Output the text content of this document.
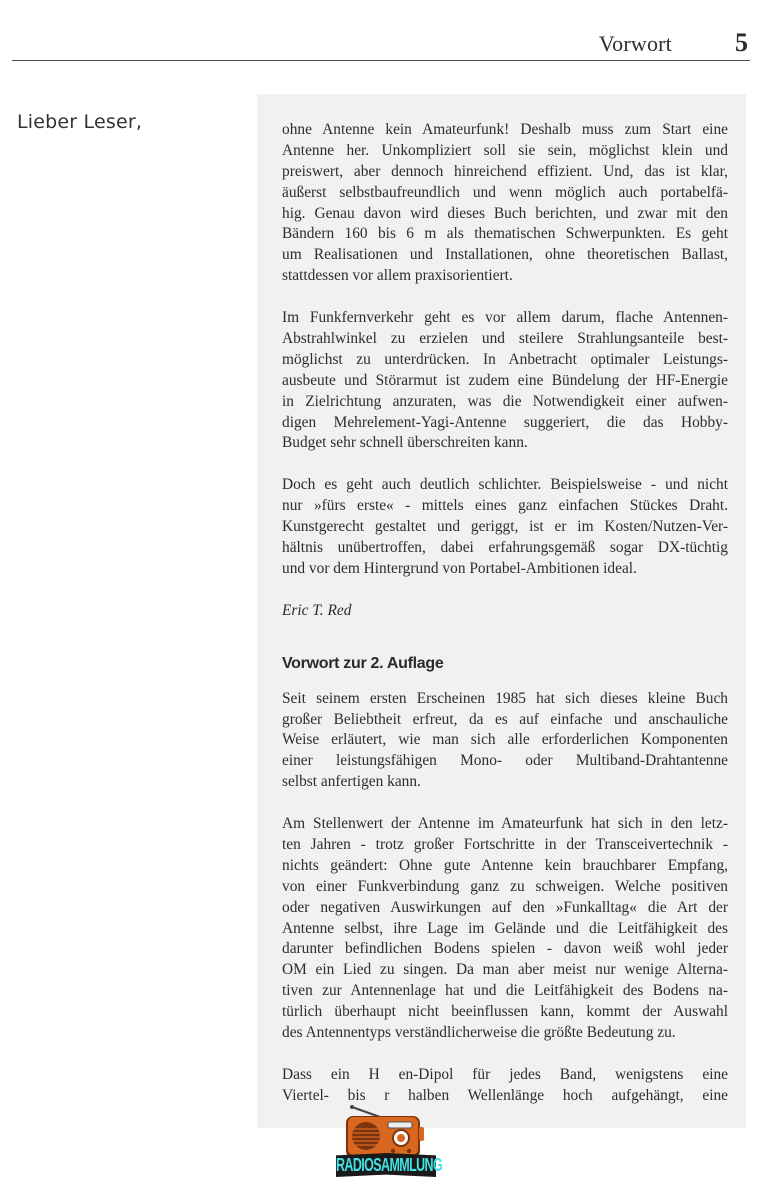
Vorwort 5
Lieber Leser,	ohne Antenne kein Amateurfunk! Deshalb muss zum Start eine
Antenne her. Unkompliziert soll sie sein, möglichst klein und
preiswert, aber dennoch hinreichend effizient. Und, das ist klar,
äußerst selbstbaufreundlich und wenn möglich auch portabelfä-
hig. Genau davon wird dieses Buch berichten, und zwar mit den
Bändern 160 bis 6 m als thematischen Schwerpunkten. Es geht
um Realisationen und Installationen, ohne theoretischen Ballast,
stattdessen vor allem praxisorientiert.
Im Funkfernverkehr geht es vor allem darum, flache Antennen-
Abstrahlwinkel zu erzielen und steilere Strahlungsanteile best-
möglichst zu unterdrücken. In Anbetracht optimaler Leistungs-
ausbeute und Störarmut ist zudem eine Bündelung der HF-Energie
in Zielrichtung anzuraten, was die Notwendigkeit einer aufwen-
digen Mehrelement-Yagi-Antenne suggeriert, die das Hobby-
Budget sehr schnell überschreiten kann.
Doch es geht auch deutlich schlichter. Beispielsweise - und nicht
nur »fürs erste« - mittels eines ganz einfachen Stückes Draht.
Kunstgerecht gestaltet und geriggt, ist er im Kosten/Nutzen-Ver-
hältnis unübertroffen, dabei erfahrungsgemäß sogar DX-tüchtig
und vor dem Hintergrund von Portabel-Ambitionen ideal.
Eric T. Red
Vorwort zur 2. Auflage
Seit seinem ersten Erscheinen 1985 hat sich dieses kleine Buch
großer Beliebtheit erfreut, da es auf einfache und anschauliche
Weise erläutert, wie man sich alle erforderlichen Komponenten
einer leistungsfähigen Mono- oder Multiband-Drahtantenne
selbst anfertigen kann.
Am Stellenwert der Antenne im Amateurfunk hat sich in den letz-
ten Jahren - trotz großer Fortschritte in der Transceivertechnik -
nichts geändert: Ohne gute Antenne kein brauchbarer Empfang,
von einer Funkverbindung ganz zu schweigen. Welche positiven
oder negativen Auswirkungen auf den »Funkalltag« die Art der
Antenne selbst, ihre Lage im Gelände und die Leitfähigkeit des
darunter befindlichen Bodens spielen - davon weiß wohl jeder
OM ein Lied zu singen. Da man aber meist nur wenige Alterna-
tiven zur Antennenlage hat und die Leitfähigkeit des Bodens na-
türlich überhaupt nicht beeinflussen kann, kommt der Auswahl
des Antennentyps verständlicherweise die größte Bedeutung zu.
Dass ein H en-Dipol für jedes Band, wenigstens eine
Viertel- bis r halben Wellenlänge hoch aufgehängt, eine
RADIOSAMMLUNG
